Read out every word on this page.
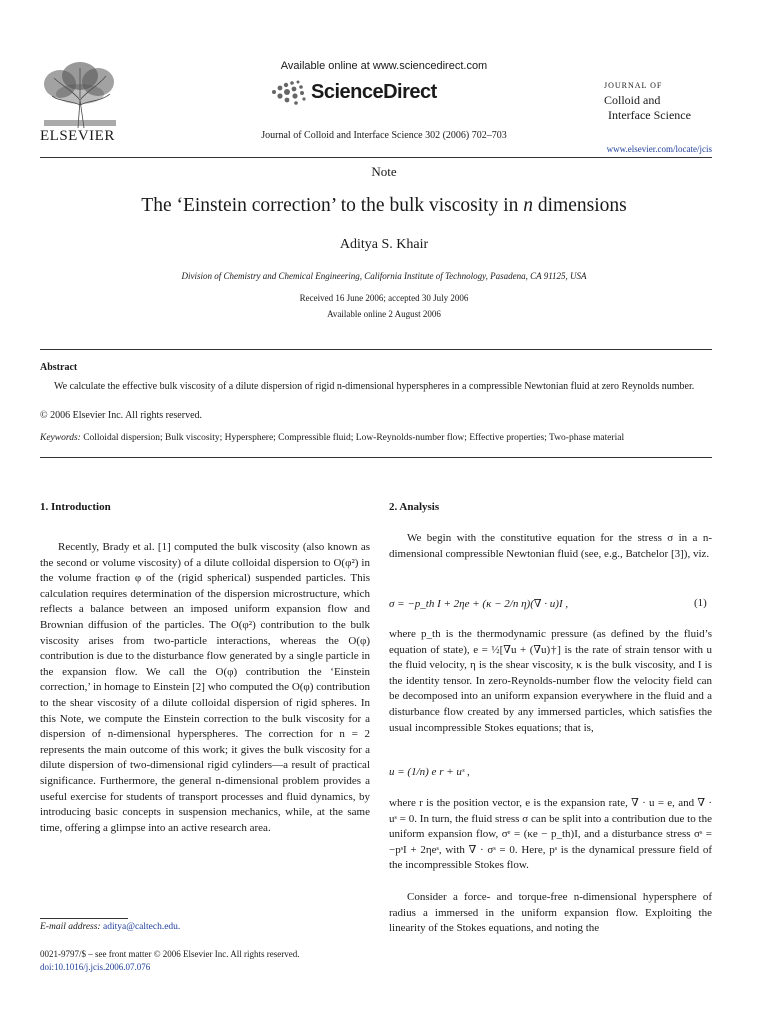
Available online at www.sciencedirect.com
ScienceDirect
Journal of Colloid and Interface Science 302 (2006) 702–703
ELSEVIER
JOURNAL OF
Colloid and
Interface Science
www.elsevier.com/locate/jcis
Note
The ‘Einstein correction’ to the bulk viscosity in n dimensions
Aditya S. Khair
Division of Chemistry and Chemical Engineering, California Institute of Technology, Pasadena, CA 91125, USA
Received 16 June 2006; accepted 30 July 2006
Available online 2 August 2006
Abstract
We calculate the effective bulk viscosity of a dilute dispersion of rigid n-dimensional hyperspheres in a compressible Newtonian fluid at zero Reynolds number.
© 2006 Elsevier Inc. All rights reserved.
Keywords: Colloidal dispersion; Bulk viscosity; Hypersphere; Compressible fluid; Low-Reynolds-number flow; Effective properties; Two-phase material
1. Introduction
Recently, Brady et al. [1] computed the bulk viscosity (also known as the second or volume viscosity) of a dilute colloidal dispersion to O(φ²) in the volume fraction φ of the (rigid spherical) suspended particles. This calculation requires determination of the dispersion microstructure, which reflects a balance between an imposed uniform expansion flow and Brownian diffusion of the particles. The O(φ²) contribution to the bulk viscosity arises from two-particle interactions, whereas the O(φ) contribution is due to the disturbance flow generated by a single particle in the expansion flow. We call the O(φ) contribution the ‘Einstein correction,’ in homage to Einstein [2] who computed the O(φ) contribution to the shear viscosity of a dilute colloidal dispersion of rigid spheres. In this Note, we compute the Einstein correction to the bulk viscosity for a dispersion of n-dimensional hyperspheres. The correction for n = 2 represents the main outcome of this work; it gives the bulk viscosity for a dilute dispersion of two-dimensional rigid cylinders—a result of practical significance. Furthermore, the general n-dimensional problem provides a useful exercise for students of transport processes and fluid dynamics, by introducing basic concepts in suspension mechanics, while, at the same time, offering a glimpse into an active research area.
E-mail address: aditya@caltech.edu.
0021-9797/$ – see front matter © 2006 Elsevier Inc. All rights reserved.
doi:10.1016/j.jcis.2006.07.076
2. Analysis
We begin with the constitutive equation for the stress σ in a n-dimensional compressible Newtonian fluid (see, e.g., Batchelor [3]), viz.
σ = −p_th I + 2ηe + (κ − 2/n η)(∇ · u)I ,	(1)
where p_th is the thermodynamic pressure (as defined by the fluid’s equation of state), e = ½[∇u + (∇u)†] is the rate of strain tensor with u the fluid velocity, η is the shear viscosity, κ is the bulk viscosity, and I is the identity tensor. In zero-Reynolds-number flow the velocity field can be decomposed into an uniform expansion everywhere in the fluid and a disturbance flow created by any immersed particles, which satisfies the usual incompressible Stokes equations; that is,
u = (1/n) e r + uˢ ,
where r is the position vector, e is the expansion rate, ∇ · u = e, and ∇ · uˢ = 0. In turn, the fluid stress σ can be split into a contribution due to the uniform expansion flow, σᵉ = (κe − p_th)I, and a disturbance stress σˢ = −pˢI + 2ηeˢ, with ∇ · σˢ = 0. Here, pˢ is the dynamical pressure field of the incompressible Stokes flow.
Consider a force- and torque-free n-dimensional hypersphere of radius a immersed in the uniform expansion flow. Exploiting the linearity of the Stokes equations, and noting the
